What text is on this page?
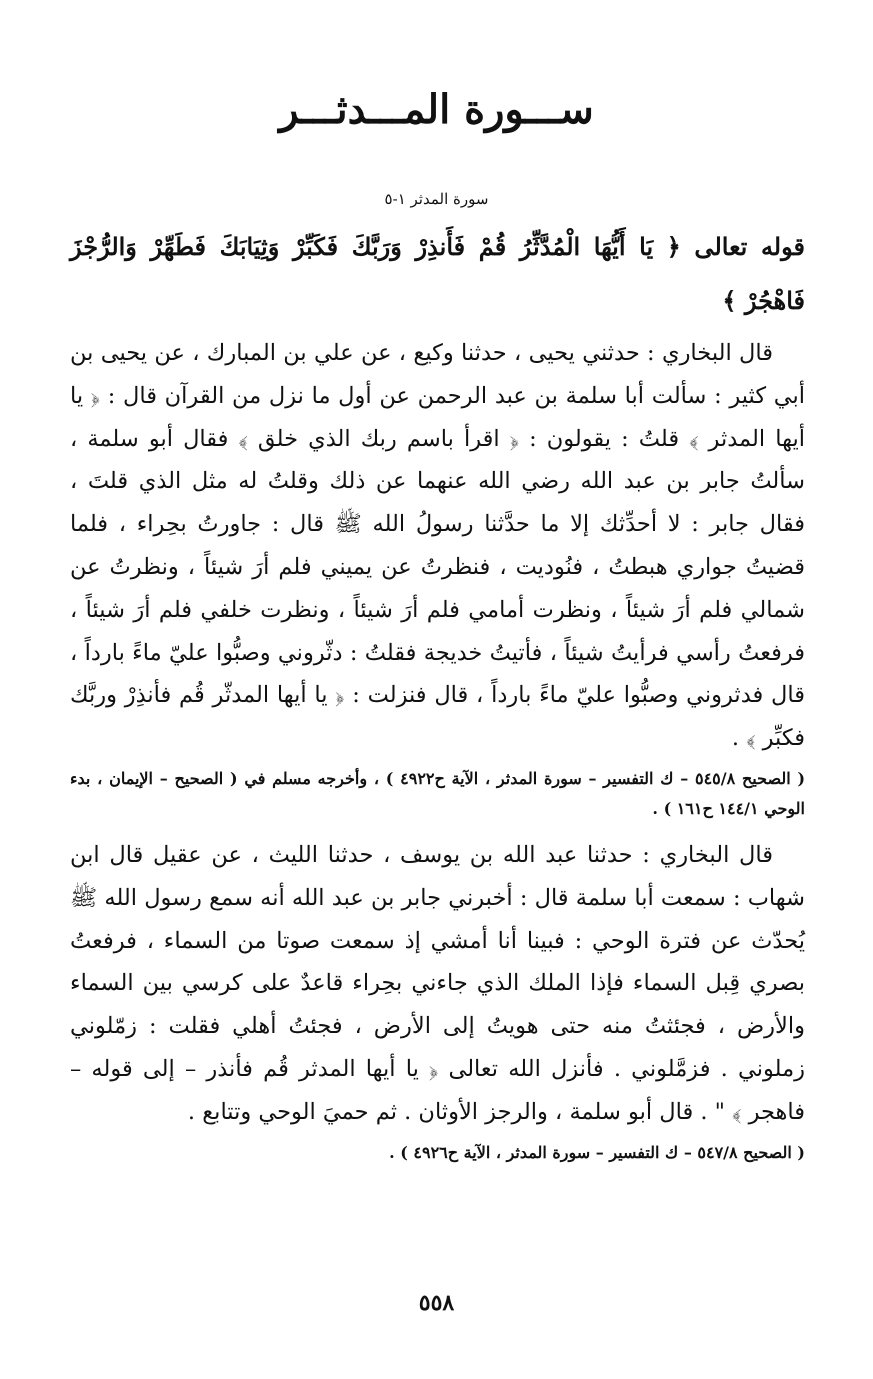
ســـورة المـــدثـــر
سورة المدثر ١-٥

قوله تعالى ﴿ يَا أَيُّهَا الْمُدَّثِّرُ قُمْ فَأَنذِرْ وَرَبَّكَ فَكَبِّرْ وَثِيَابَكَ فَطَهِّرْ وَالرُّجْزَ فَاهْجُرْ ﴾

قال البخاري : حدثني يحيى ، حدثنا وكيع ، عن علي بن المبارك ، عن يحيى بن أبي كثير : سألت أبا سلمة بن عبد الرحمن عن أول ما نزل من القرآن قال : ﴿ يا أيها المدثر ﴾ قلتُ : يقولون : ﴿ اقرأ باسم ربك الذي خلق ﴾ فقال أبو سلمة ، سألتُ جابر بن عبد الله رضي الله عنهما عن ذلك وقلتُ له مثل الذي قلتَ ، فقال جابر : لا أحدِّثك إلا ما حدَّثنا رسولُ الله ﷺ قال : جاورتُ بحِراء ، فلما قضيتُ جواري هبطتُ ، فنُوديت ، فنظرتُ عن يميني فلم أرَ شيئاً ، ونظرتُ عن شمالي فلم أرَ شيئاً ، ونظرت أمامي فلم أرَ شيئاً ، ونظرت خلفي فلم أرَ شيئاً ، فرفعتُ رأسي فرأيتُ شيئاً ، فأتيتُ خديجة فقلتُ : دثّروني وصبُّوا عليّ ماءً بارداً ، قال فدثروني وصبُّوا عليّ ماءً بارداً ، قال فنزلت : ﴿ يا أيها المدثّر قُم فأنذِرْ وربَّك فكبِّر ﴾ .

( الصحيح ٥٤٥/٨ – ك التفسير – سورة المدثر ، الآية ح٤٩٢٢ ) ، وأخرجه مسلم في ( الصحيح – الإيمان ، بدء الوحي ١٤٤/١ ح١٦١ ) .

قال البخاري : حدثنا عبد الله بن يوسف ، حدثنا الليث ، عن عقيل قال ابن شهاب : سمعت أبا سلمة قال : أخبرني جابر بن عبد الله أنه سمع رسول الله ﷺ يُحدّث عن فترة الوحي : فبينا أنا أمشي إذ سمعت صوتا من السماء ، فرفعتُ بصري قِبل السماء فإذا الملك الذي جاءني بحِراء قاعدٌ على كرسي بين السماء والأرض ، فجئثتُ منه حتى هويتُ إلى الأرض ، فجئتُ أهلي فقلت : زمّلوني زملوني . فزمَّلوني . فأنزل الله تعالى ﴿ يا أيها المدثر قُم فأنذر – إلى قوله – فاهجر ﴾ " . قال أبو سلمة ، والرجز الأوثان . ثم حميَ الوحي وتتابع .

( الصحيح ٥٤٧/٨ – ك التفسير – سورة المدثر ، الآية ح٤٩٢٦ ) .

٥٥٨
